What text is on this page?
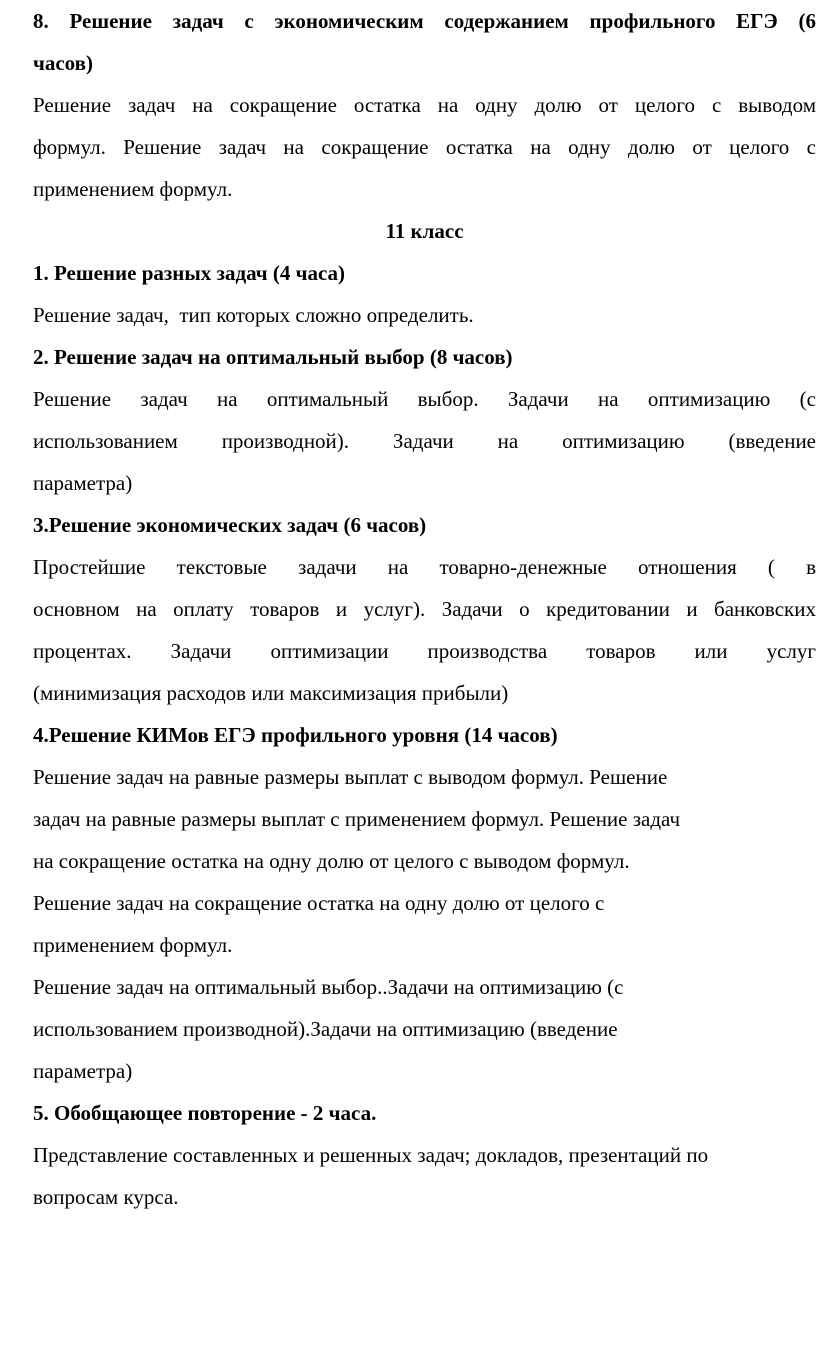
8. Решение задач с экономическим содержанием профильного ЕГЭ (6
часов)
Решение задач на сокращение остатка на одну долю от целого с выводом
формул. Решение задач на сокращение остатка на одну долю от целого с
применением формул.
11 класс
1. Решение разных задач (4 часа)
Решение задач,  тип которых сложно определить.
2. Решение задач на оптимальный выбор (8 часов)
Решение задач на оптимальный выбор. Задачи на оптимизацию (с
использованием производной). Задачи на оптимизацию (введение
параметра)
3.Решение экономических задач (6 часов)
Простейшие текстовые задачи на товарно-денежные отношения ( в
основном на оплату товаров и услуг). Задачи о кредитовании и банковских
процентах. Задачи оптимизации производства товаров или услуг
(минимизация расходов или максимизация прибыли)
4.Решение КИМов ЕГЭ профильного уровня (14 часов)
Решение задач на равные размеры выплат с выводом формул. Решение
задач на равные размеры выплат с применением формул. Решение задач
на сокращение остатка на одну долю от целого с выводом формул.
Решение задач на сокращение остатка на одну долю от целого с
применением формул.
Решение задач на оптимальный выбор..Задачи на оптимизацию (с
использованием производной).Задачи на оптимизацию (введение
параметра)
5. Обобщающее повторение - 2 часа.
Представление составленных и решенных задач; докладов, презентаций по
вопросам курса.
